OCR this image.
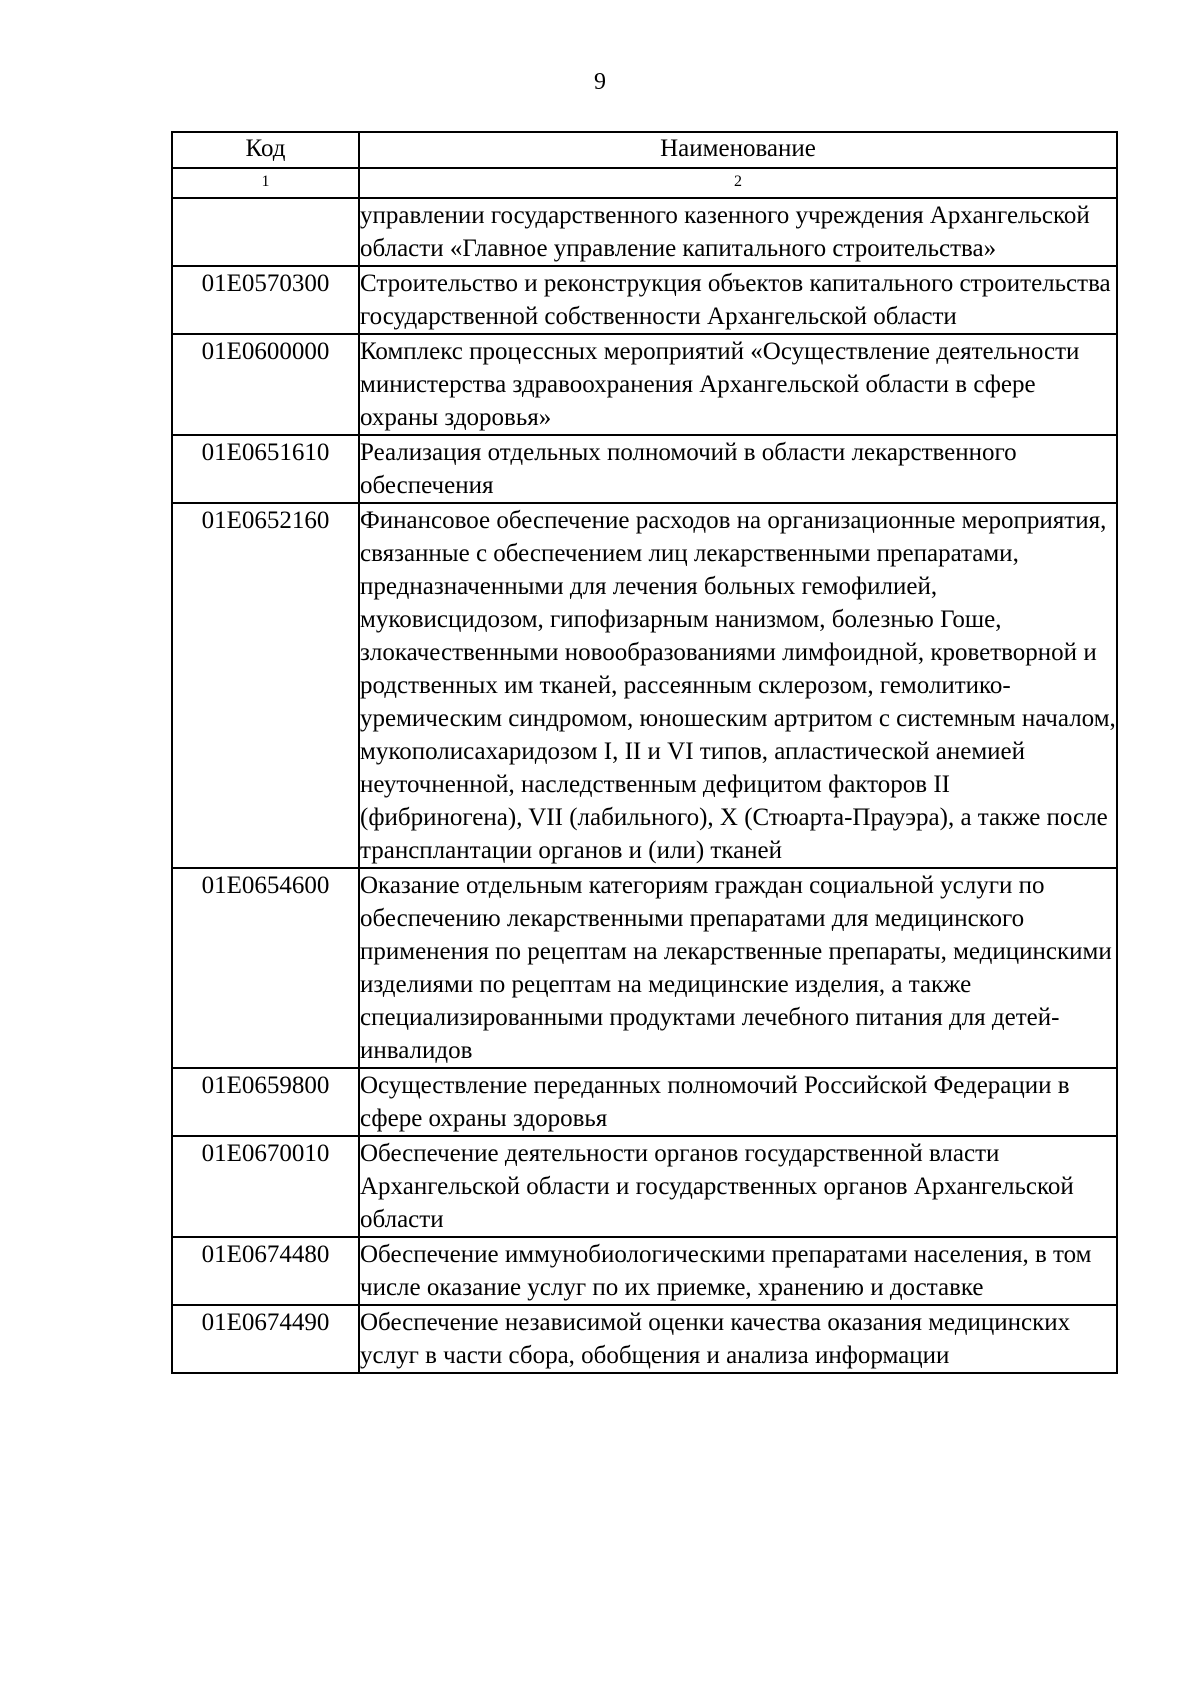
9
Код	Наименование
1	2
	управлении государственного казенного учреждения Архангельской области «Главное управление капитального строительства»
01Е0570300	Строительство и реконструкция объектов капитального строительства государственной собственности Архангельской области
01Е0600000	Комплекс процессных мероприятий «Осуществление деятельности министерства здравоохранения Архангельской области в сфере охраны здоровья»
01Е0651610	Реализация отдельных полномочий в области лекарственного обеспечения
01Е0652160	Финансовое обеспечение расходов на организационные мероприятия, связанные с обеспечением лиц лекарственными препаратами, предназначенными для лечения больных гемофилией, муковисцидозом, гипофизарным нанизмом, болезнью Гоше, злокачественными новообразованиями лимфоидной, кроветворной и родственных им тканей, рассеянным склерозом, гемолитико-уремическим синдромом, юношеским артритом с системным началом, мукополисахаридозом I, II и VI типов, апластической анемией неуточненной, наследственным дефицитом факторов II (фибриногена), VII (лабильного), X (Стюарта-Прауэра), а также после трансплантации органов и (или) тканей
01Е0654600	Оказание отдельным категориям граждан социальной услуги по обеспечению лекарственными препаратами для медицинского применения по рецептам на лекарственные препараты, медицинскими изделиями по рецептам на медицинские изделия, а также специализированными продуктами лечебного питания для детей-инвалидов
01Е0659800	Осуществление переданных полномочий Российской Федерации в сфере охраны здоровья
01Е0670010	Обеспечение деятельности органов государственной власти Архангельской области и государственных органов Архангельской области
01Е0674480	Обеспечение иммунобиологическими препаратами населения, в том числе оказание услуг по их приемке, хранению и доставке
01Е0674490	Обеспечение независимой оценки качества оказания медицинских услуг в части сбора, обобщения и анализа информации
